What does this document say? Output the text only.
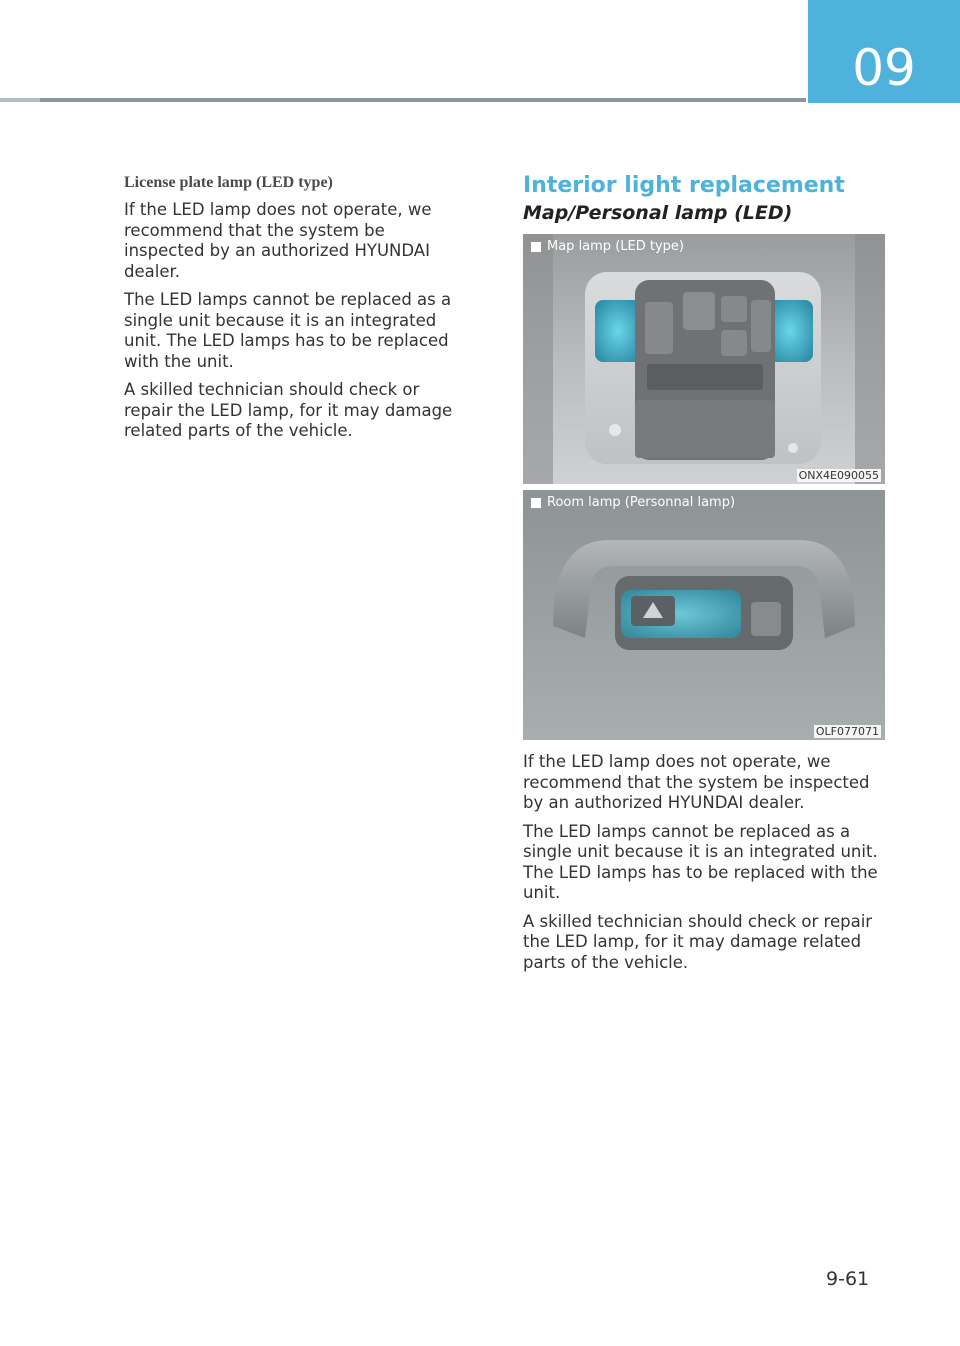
09
License plate lamp (LED type)

If the LED lamp does not operate, we recommend that the system be inspected by an authorized HYUNDAI dealer.

The LED lamps cannot be replaced as a single unit because it is an integrated unit. The LED lamps has to be replaced with the unit.

A skilled technician should check or repair the LED lamp, for it may damage related parts of the vehicle.

Interior light replacement
Map/Personal lamp (LED)
Map lamp (LED type)
ONX4E090055
Room lamp (Personnal lamp)
OLF077071

If the LED lamp does not operate, we recommend that the system be inspected by an authorized HYUNDAI dealer.

The LED lamps cannot be replaced as a single unit because it is an integrated unit. The LED lamps has to be replaced with the unit.

A skilled technician should check or repair the LED lamp, for it may damage related parts of the vehicle.

9-61
